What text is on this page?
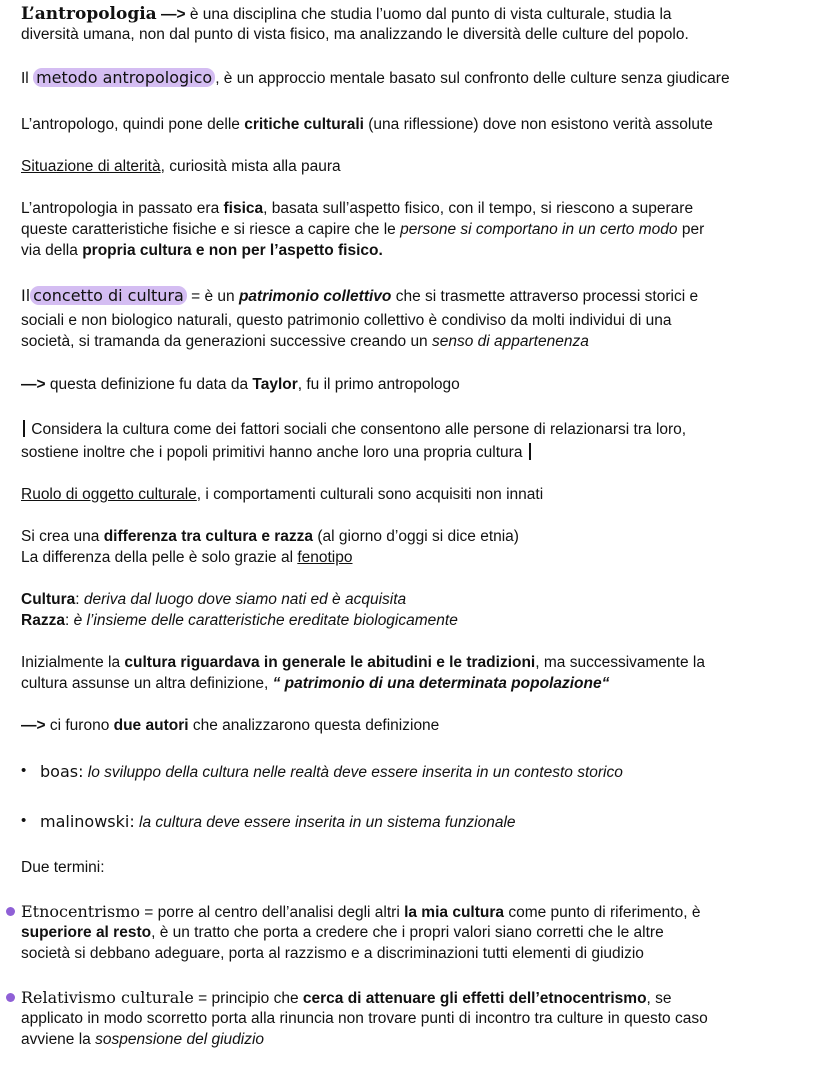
L’antropologia —> è una disciplina che studia l’uomo dal punto di vista culturale, studia la
diversità umana, non dal punto di vista fisico, ma analizzando le diversità delle culture del popolo.
Il metodo antropologico , è un approccio mentale basato sul confronto delle culture senza giudicare
L’antropologo, quindi pone delle critiche culturali (una riflessione) dove non esistono verità assolute
Situazione di alterità, curiosità mista alla paura
L’antropologia in passato era fisica, basata sull’aspetto fisico, con il tempo, si riescono a superare
queste caratteristiche fisiche e si riesce a capire che le persone si comportano in un certo modo per
via della propria cultura e non per l’aspetto fisico.
Il concetto di cultura = è un patrimonio collettivo che si trasmette attraverso processi storici e
sociali e non biologico naturali, questo patrimonio collettivo è condiviso da molti individui di una
società, si tramanda da generazioni successive creando un senso di appartenenza
—> questa definizione fu data da Taylor, fu il primo antropologo
Considera la cultura come dei fattori sociali che consentono alle persone di relazionarsi tra loro,
sostiene inoltre che i popoli primitivi hanno anche loro una propria cultura
Ruolo di oggetto culturale, i comportamenti culturali sono acquisiti non innati
Si crea una differenza tra cultura e razza (al giorno d’oggi si dice etnia)
La differenza della pelle è solo grazie al fenotipo
Cultura: deriva dal luogo dove siamo nati ed è acquisita
Razza: è l’insieme delle caratteristiche ereditate biologicamente
Inizialmente la cultura riguardava in generale le abitudini e le tradizioni, ma successivamente la
cultura assunse un altra definizione, “ patrimonio di una determinata popolazione“
—> ci furono due autori che analizzarono questa definizione
• boas: lo sviluppo della cultura nelle realtà deve essere inserita in un contesto storico
• malinowski: la cultura deve essere inserita in un sistema funzionale
Due termini:
Etnocentrismo = porre al centro dell’analisi degli altri la mia cultura come punto di riferimento, è
superiore al resto, è un tratto che porta a credere che i propri valori siano corretti che le altre
società si debbano adeguare, porta al razzismo e a discriminazioni tutti elementi di giudizio
Relativismo culturale = principio che cerca di attenuare gli effetti dell’etnocentrismo, se
applicato in modo scorretto porta alla rinuncia non trovare punti di incontro tra culture in questo caso
avviene la sospensione del giudizio
